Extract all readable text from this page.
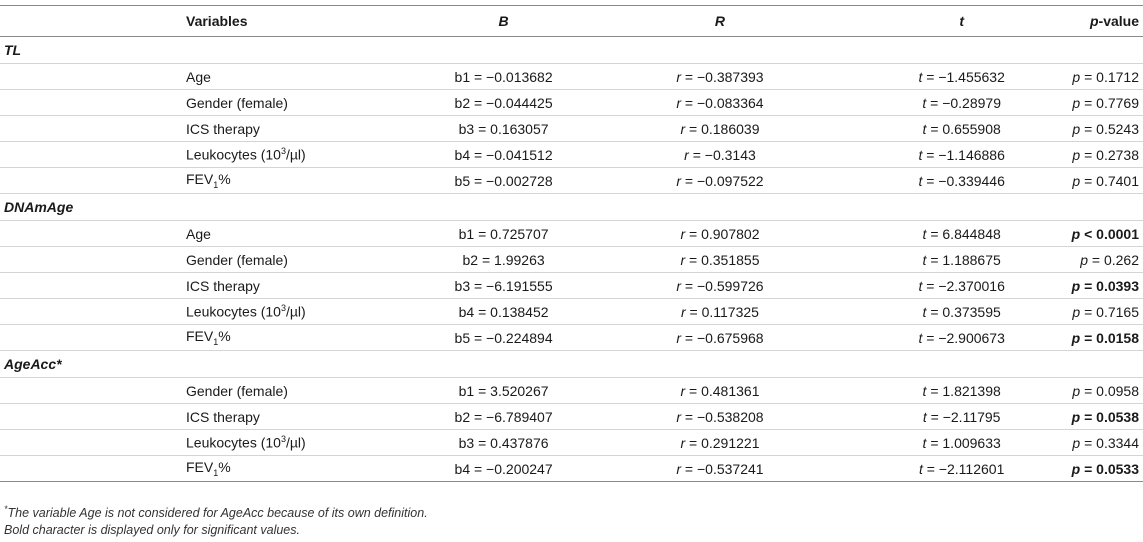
Variables	B	R	t	p-value
TL				
Age	b1 = −0.013682	r = −0.387393	t = −1.455632	p = 0.1712
Gender (female)	b2 = −0.044425	r = −0.083364	t = −0.28979	p = 0.7769
ICS therapy	b3 = 0.163057	r = 0.186039	t = 0.655908	p = 0.5243
Leukocytes $(10^3/\mu l)$	b4 = −0.041512	r = −0.3143	t = −1.146886	p = 0.2738
$FEV_1\%$	b5 = −0.002728	r = −0.097522	t = −0.339446	p = 0.7401
DNAmAge				
Age	b1 = 0.725707	r = 0.907802	t = 6.844848	p < 0.0001
Gender (female)	b2 = 1.99263	r = 0.351855	t = 1.188675	p = 0.262
ICS therapy	b3 = −6.191555	r = −0.599726	t = −2.370016	p = 0.0393
Leukocytes $(10^3/\mu l)$	b4 = 0.138452	r = 0.117325	t = 0.373595	p = 0.7165
$FEV_1\%$	b5 = −0.224894	r = −0.675968	t = −2.900673	p = 0.0158
AgeAcc*				
Gender (female)	b1 = 3.520267	r = 0.481361	t = 1.821398	p = 0.0958
ICS therapy	b2 = −6.789407	r = −0.538208	t = −2.11795	p = 0.0538
Leukocytes $(10^3/\mu l)$	b3 = 0.437876	r = 0.291221	t = 1.009633	p = 0.3344
$FEV_1\%$	b4 = −0.200247	r = −0.537241	t = −2.112601	p = 0.0533
*The variable Age is not considered for AgeAcc because of its own definition.
Bold character is displayed only for significant values.
